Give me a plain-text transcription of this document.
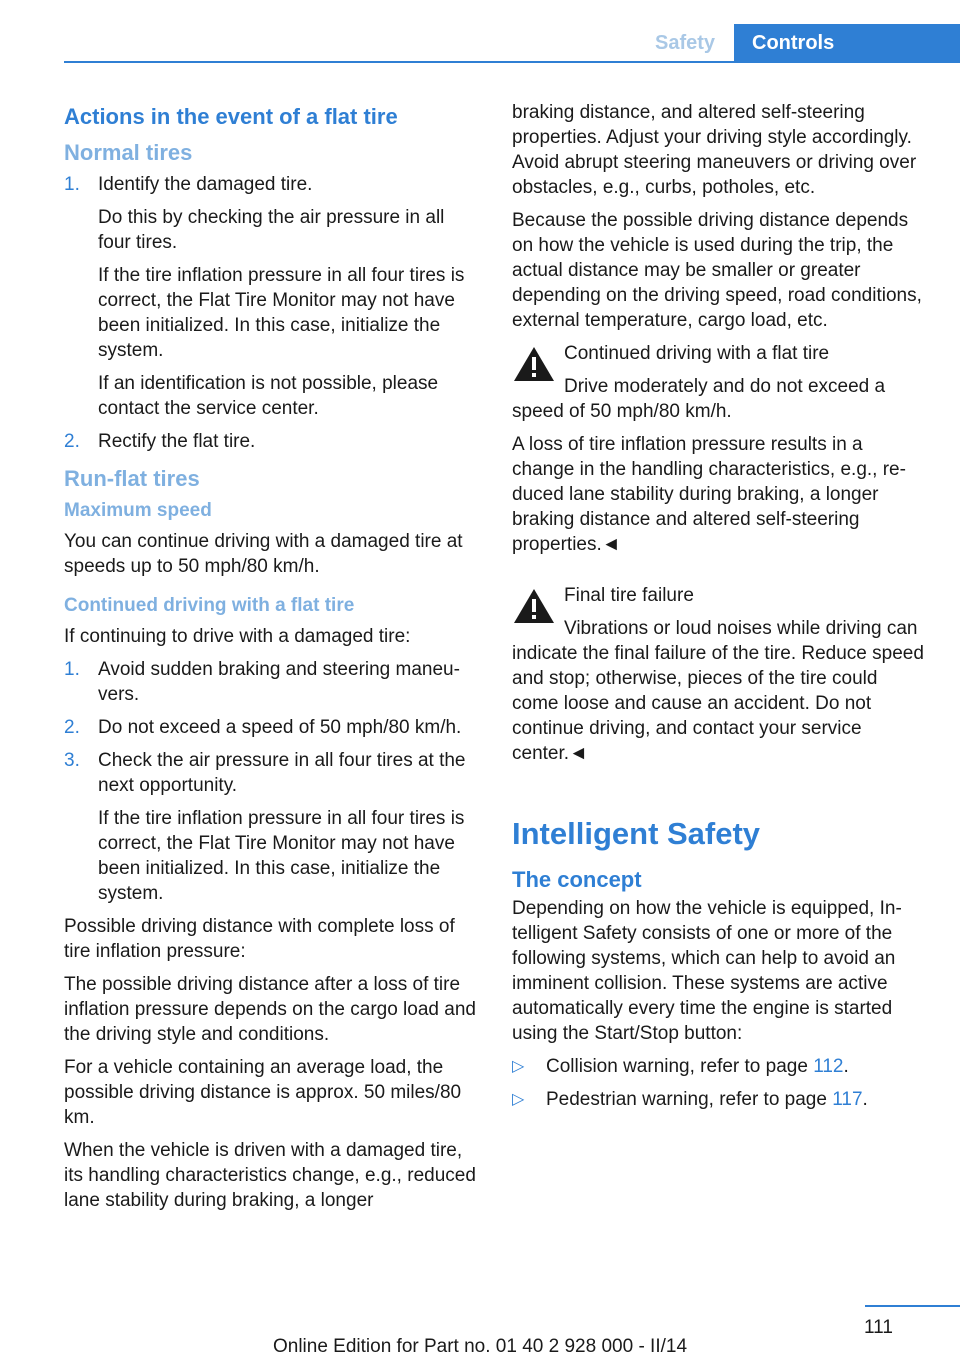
Safety	Controls
Actions in the event of a flat tire
Normal tires
1. Identify the damaged tire.

Do this by checking the air pressure in all four tires.

If the tire inflation pressure in all four tires is correct, the Flat Tire Monitor may not have been initialized. In this case, initialize the system.

If an identification is not possible, please contact the service center.

2. Rectify the flat tire.

Run-flat tires
Maximum speed

You can continue driving with a damaged tire at speeds up to 50 mph/80 km/h.

Continued driving with a flat tire

If continuing to drive with a damaged tire:

1. Avoid sudden braking and steering maneuvers.

2. Do not exceed a speed of 50 mph/80 km/h.

3. Check the air pressure in all four tires at the next opportunity.

If the tire inflation pressure in all four tires is correct, the Flat Tire Monitor may not have been initialized. In this case, initialize the system.

Possible driving distance with complete loss of tire inflation pressure:

The possible driving distance after a loss of tire inflation pressure depends on the cargo load and the driving style and conditions.

For a vehicle containing an average load, the possible driving distance is approx. 50 miles/80 km.

When the vehicle is driven with a damaged tire, its handling characteristics change, e.g., reduced lane stability during braking, a longer

braking distance, and altered self-steering properties. Adjust your driving style accordingly. Avoid abrupt steering maneuvers or driving over obstacles, e.g., curbs, potholes, etc.

Because the possible driving distance depends on how the vehicle is used during the trip, the actual distance may be smaller or greater depending on the driving speed, road conditions, external temperature, cargo load, etc.

Continued driving with a flat tire

Drive moderately and do not exceed a speed of 50 mph/80 km/h.

A loss of tire inflation pressure results in a change in the handling characteristics, e.g., reduced lane stability during braking, a longer braking distance and altered self-steering properties.◄

Final tire failure

Vibrations or loud noises while driving can indicate the final failure of the tire. Reduce speed and stop; otherwise, pieces of the tire could come loose and cause an accident. Do not continue driving, and contact your service center.◄

Intelligent Safety
The concept

Depending on how the vehicle is equipped, Intelligent Safety consists of one or more of the following systems, which can help to avoid an imminent collision. These systems are active automatically every time the engine is started using the Start/Stop button:

▷	Collision warning, refer to page 112.
▷	Pedestrian warning, refer to page 117.
111
Online Edition for Part no. 01 40 2 928 000 - II/14
